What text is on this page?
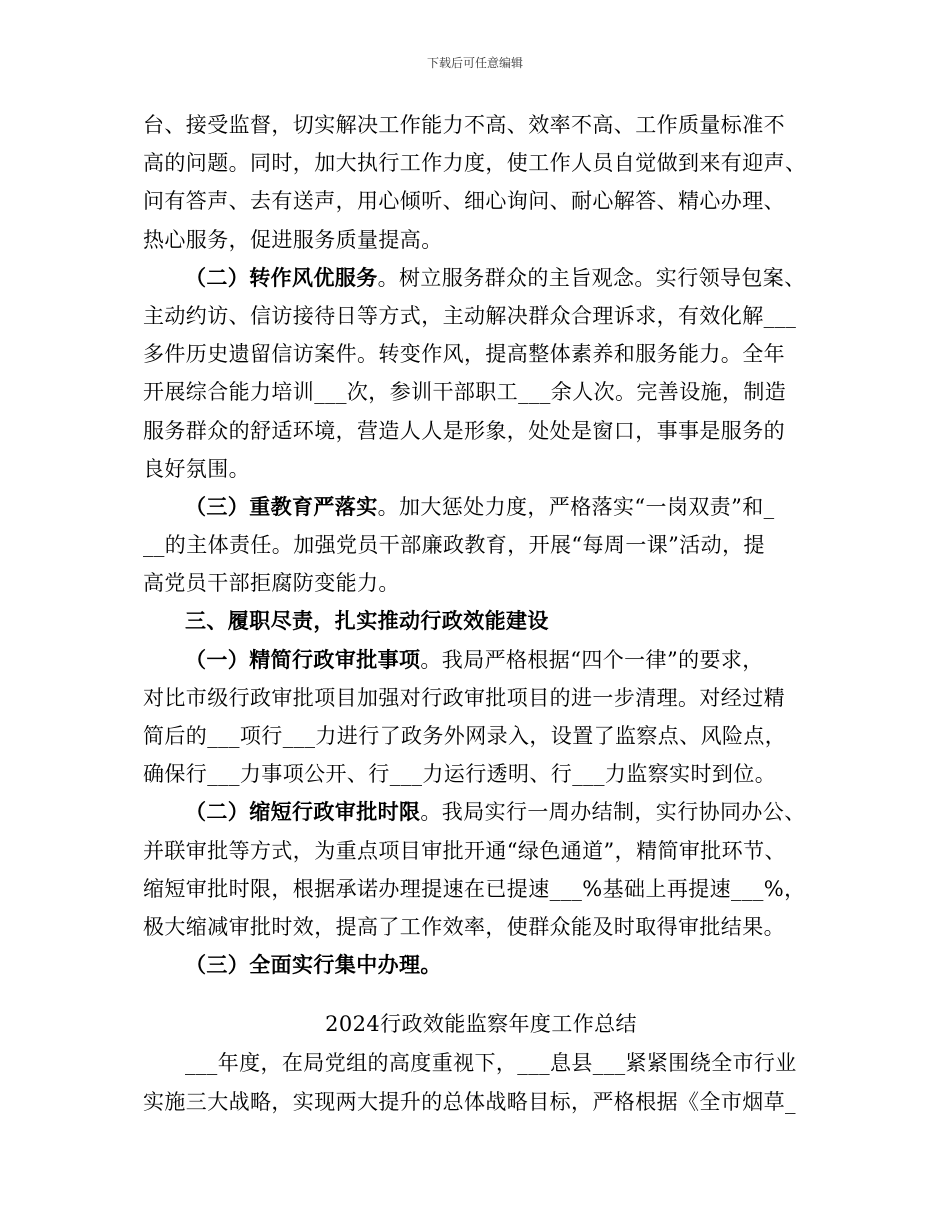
下载后可任意编辑
台、接受监督，切实解决工作能力不高、效率不高、工作质量标准不
高的问题。同时，加大执行工作力度，使工作人员自觉做到来有迎声、
问有答声、去有送声，用心倾听、细心询问、耐心解答、精心办理、
热心服务，促进服务质量提高。
（二）转作风优服务。树立服务群众的主旨观念。实行领导包案、
主动约访、信访接待日等方式，主动解决群众合理诉求，有效化解___
多件历史遗留信访案件。转变作风，提高整体素养和服务能力。全年
开展综合能力培训___次，参训干部职工___余人次。完善设施，制造
服务群众的舒适环境，营造人人是形象，处处是窗口，事事是服务的
良好氛围。
（三）重教育严落实。加大惩处力度，严格落实“一岗双责”和_
__的主体责任。加强党员干部廉政教育，开展“每周一课”活动，提
高党员干部拒腐防变能力。
三、履职尽责，扎实推动行政效能建设
（一）精简行政审批事项。我局严格根据“四个一律”的要求，
对比市级行政审批项目加强对行政审批项目的进一步清理。对经过精
简后的___项行___力进行了政务外网录入，设置了监察点、风险点，
确保行___力事项公开、行___力运行透明、行___力监察实时到位。
（二）缩短行政审批时限。我局实行一周办结制，实行协同办公、
并联审批等方式，为重点项目审批开通“绿色通道”，精简审批环节、
缩短审批时限，根据承诺办理提速在已提速___%基础上再提速___%，
极大缩减审批时效，提高了工作效率，使群众能及时取得审批结果。
（三）全面实行集中办理。
2024行政效能监察年度工作总结
___年度，在局党组的高度重视下，___息县___紧紧围绕全市行业
实施三大战略，实现两大提升的总体战略目标，严格根据《全市烟草_
